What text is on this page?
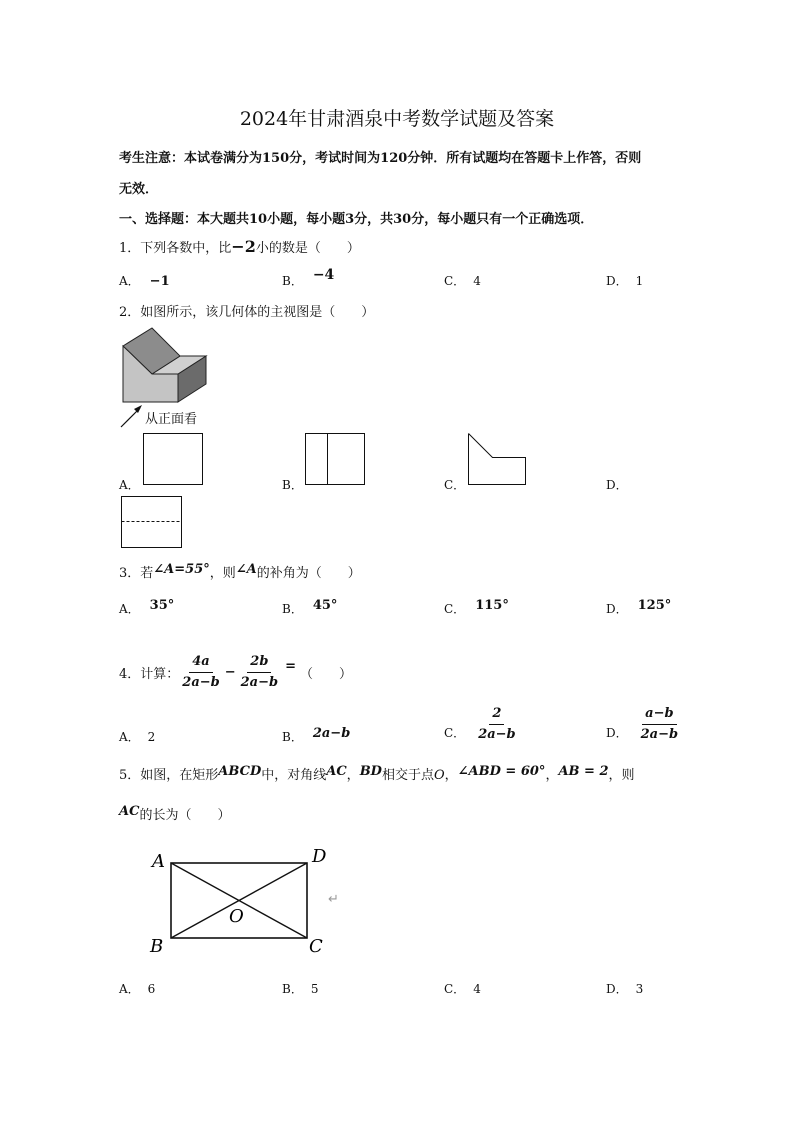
2024年甘肃酒泉中考数学试题及答案
考生注意：本试卷满分为150分，考试时间为120分钟．所有试题均在答题卡上作答，否则
无效．
一、选择题：本大题共10小题，每小题3分，共30分，每小题只有一个正确选项．
1．下列各数中，比−2小的数是（　　）
A． −1	B． −4	C． 4	D． 1
2．如图所示，该几何体的主视图是（　　）
从正面看
A．	B．	C．	D．
3．若∠A=55°，则∠A的补角为（　　）
A． 35°	B． 45°	C． 115°	D． 125°
4．计算： $\frac{4a}{2a-b} - \frac{2b}{2a-b}$ =
（　　）
A． 2	B． 2a−b	C． $\frac{2}{2a-b}$	D． $\frac{a-b}{2a-b}$
5．如图，在矩形ABCD中，对角线AC，BD相交于点O，∠ABD = 60°，AB = 2，则
AC的长为（　　）
A	D
B	C
O
↵
A． 6	B． 5	C． 4	D． 3
